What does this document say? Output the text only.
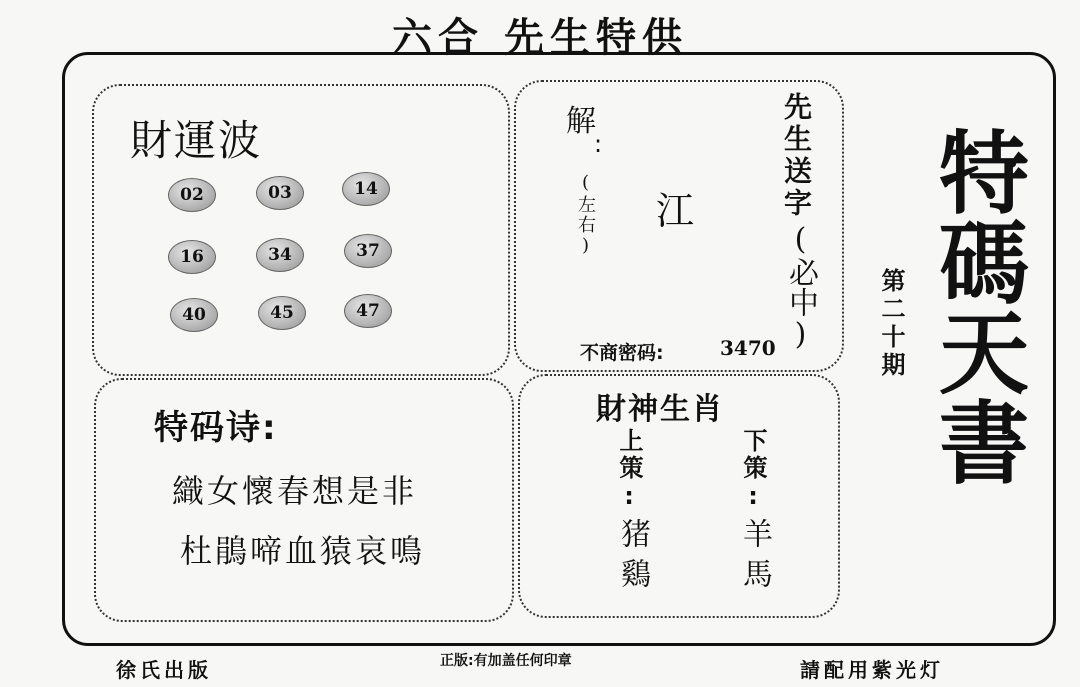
六合 先生特供
財運波
02	03	14
16	34	37
40	45	47
解
:
(左右) 江	先生送字
(必中)
不商密码:	3470 特碼天書
第二十期
特码诗:
織女懷春想是非
杜鵑啼血猿哀鳴
財神生肖
上策:	下策:
猪鷄	羊馬
徐氏出版	正版:有加盖任何印章	請配用紫光灯
